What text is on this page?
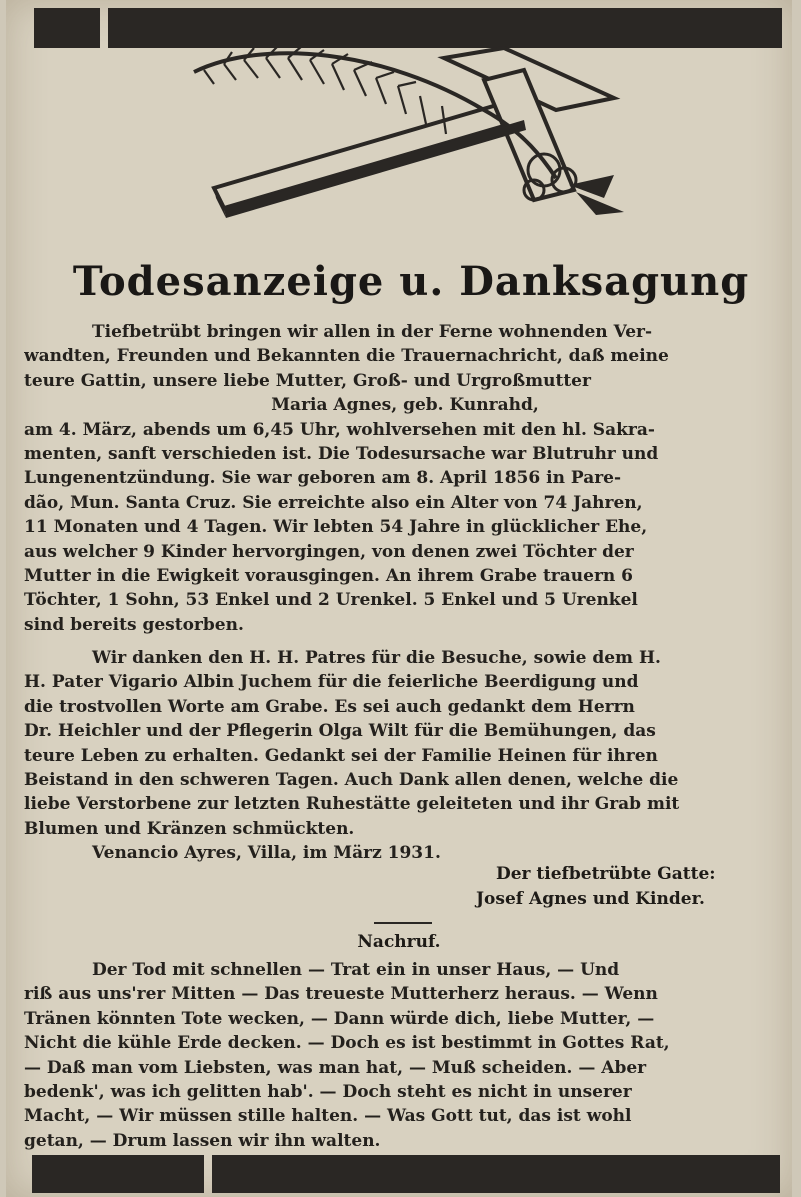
Todesanzeige u. Danksagung
Tiefbetrübt bringen wir allen in der Ferne wohnenden Ver-
wandten, Freunden und Bekannten die Trauernachricht, daß meine
teure Gattin, unsere liebe Mutter, Groß- und Urgroßmutter
Maria Agnes, geb. Kunrahd,
am 4. März, abends um 6,45 Uhr, wohlversehen mit den hl. Sakra-
menten, sanft verschieden ist. Die Todesursache war Blutruhr und
Lungenentzündung. Sie war geboren am 8. April 1856 in Pare-
dão, Mun. Santa Cruz. Sie erreichte also ein Alter von 74 Jahren,
11 Monaten und 4 Tagen. Wir lebten 54 Jahre in glücklicher Ehe,
aus welcher 9 Kinder hervorgingen, von denen zwei Töchter der
Mutter in die Ewigkeit vorausgingen. An ihrem Grabe trauern 6
Töchter, 1 Sohn, 53 Enkel und 2 Urenkel. 5 Enkel und 5 Urenkel
sind bereits gestorben.
Wir danken den H. H. Patres für die Besuche, sowie dem H.
H. Pater Vigario Albin Juchem für die feierliche Beerdigung und
die trostvollen Worte am Grabe. Es sei auch gedankt dem Herrn
Dr. Heichler und der Pflegerin Olga Wilt für die Bemühungen, das
teure Leben zu erhalten. Gedankt sei der Familie Heinen für ihren
Beistand in den schweren Tagen. Auch Dank allen denen, welche die
liebe Verstorbene zur letzten Ruhestätte geleiteten und ihr Grab mit
Blumen und Kränzen schmückten.
Venancio Ayres, Villa, im März 1931.
Der tiefbetrübte Gatte:
Josef Agnes und Kinder.
Nachruf.
Der Tod mit schnellen — Trat ein in unser Haus, — Und
riß aus uns'rer Mitten — Das treueste Mutterherz heraus. — Wenn
Tränen könnten Tote wecken, — Dann würde dich, liebe Mutter, —
Nicht die kühle Erde decken. — Doch es ist bestimmt in Gottes Rat,
— Daß man vom Liebsten, was man hat, — Muß scheiden. — Aber
bedenk', was ich gelitten hab'. — Doch steht es nicht in unserer
Macht, — Wir müssen stille halten. — Was Gott tut, das ist wohl
getan, — Drum lassen wir ihn walten.
